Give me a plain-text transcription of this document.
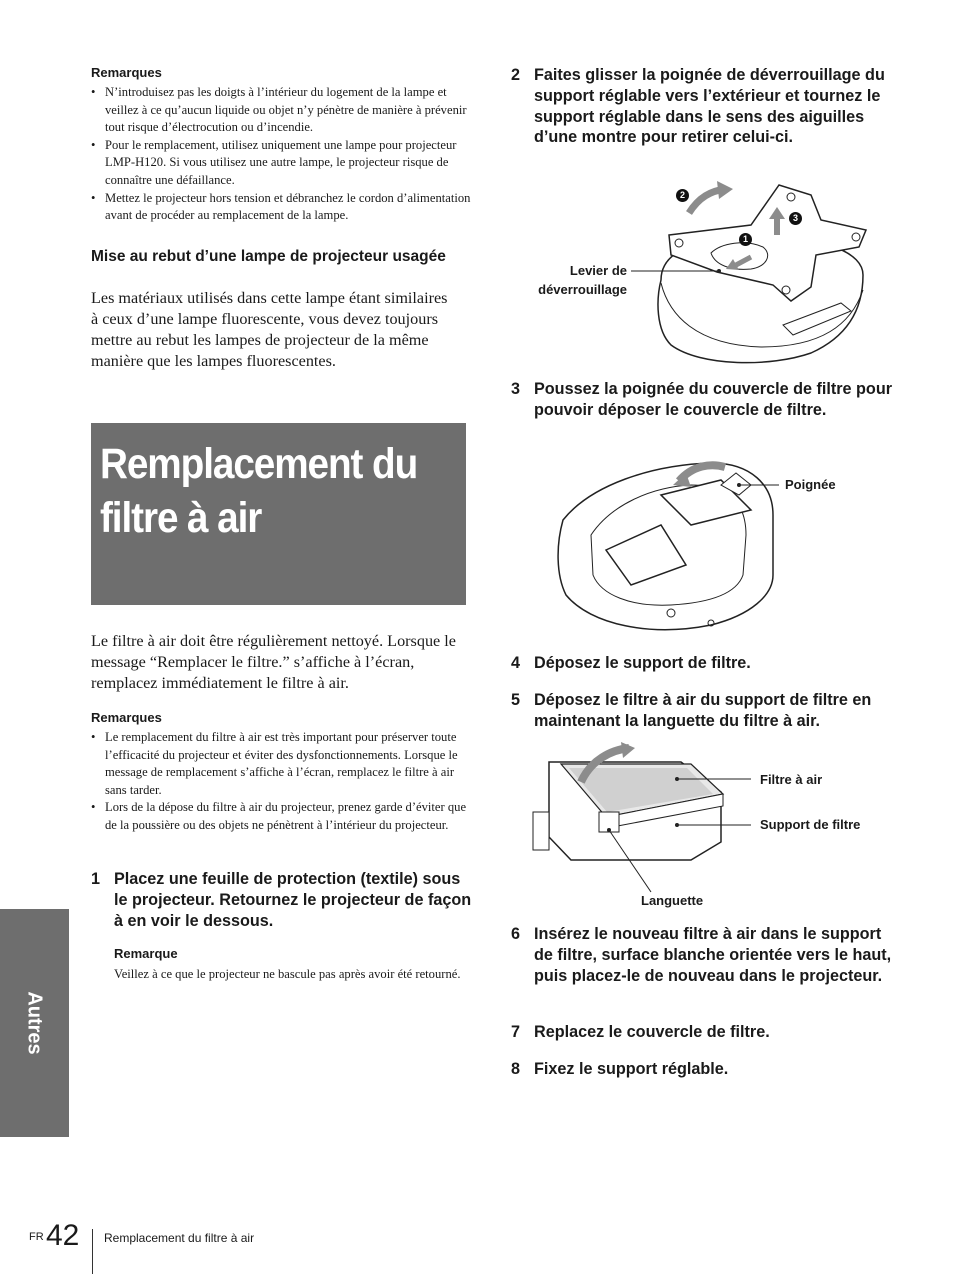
Remarques
• N’introduisez pas les doigts à l’intérieur du logement de la lampe et veillez à ce qu’aucun liquide ou objet n’y pénètre de manière à prévenir tout risque d’électrocution ou d’incendie.
• Pour le remplacement, utilisez uniquement une lampe pour projecteur LMP-H120. Si vous utilisez une autre lampe, le projecteur risque de connaître une défaillance.
• Mettez le projecteur hors tension et débranchez le cordon d’alimentation avant de procéder au remplacement de la lampe.
Mise au rebut d’une lampe de projecteur usagée
Les matériaux utilisés dans cette lampe étant similaires à ceux d’une lampe fluorescente, vous devez toujours mettre au rebut les lampes de projecteur de la même manière que les lampes fluorescentes.
Remplacement du filtre à air
Le filtre à air doit être régulièrement nettoyé. Lorsque le message “Remplacer le filtre.” s’affiche à l’écran, remplacez immédiatement le filtre à air.
Remarques
• Le remplacement du filtre à air est très important pour préserver toute l’efficacité du projecteur et éviter des dysfonctionnements. Lorsque le message de remplacement s’affiche à l’écran, remplacez le filtre à air sans tarder.
• Lors de la dépose du filtre à air du projecteur, prenez garde d’éviter que de la poussière ou des objets ne pénètrent à l’intérieur du projecteur.
1 Placez une feuille de protection (textile) sous le projecteur. Retournez le projecteur de façon à en voir le dessous.
Remarque
Veillez à ce que le projecteur ne bascule pas après avoir été retourné.
Autres
2 Faites glisser la poignée de déverrouillage du support réglable vers l’extérieur et tournez le support réglable dans le sens des aiguilles d’une montre pour retirer celui-ci.
2
3
1
Levier de
déverrouillage
3 Poussez la poignée du couvercle de filtre pour pouvoir déposer le couvercle de filtre.
Poignée
4 Déposez le support de filtre.
5 Déposez le filtre à air du support de filtre en maintenant la languette du filtre à air.
Filtre à air
Support de filtre
Languette
6 Insérez le nouveau filtre à air dans le support de filtre, surface blanche orientée vers le haut, puis placez-le de nouveau dans le projecteur.
7 Replacez le couvercle de filtre.
8 Fixez le support réglable.
FR 42 Remplacement du filtre à air
